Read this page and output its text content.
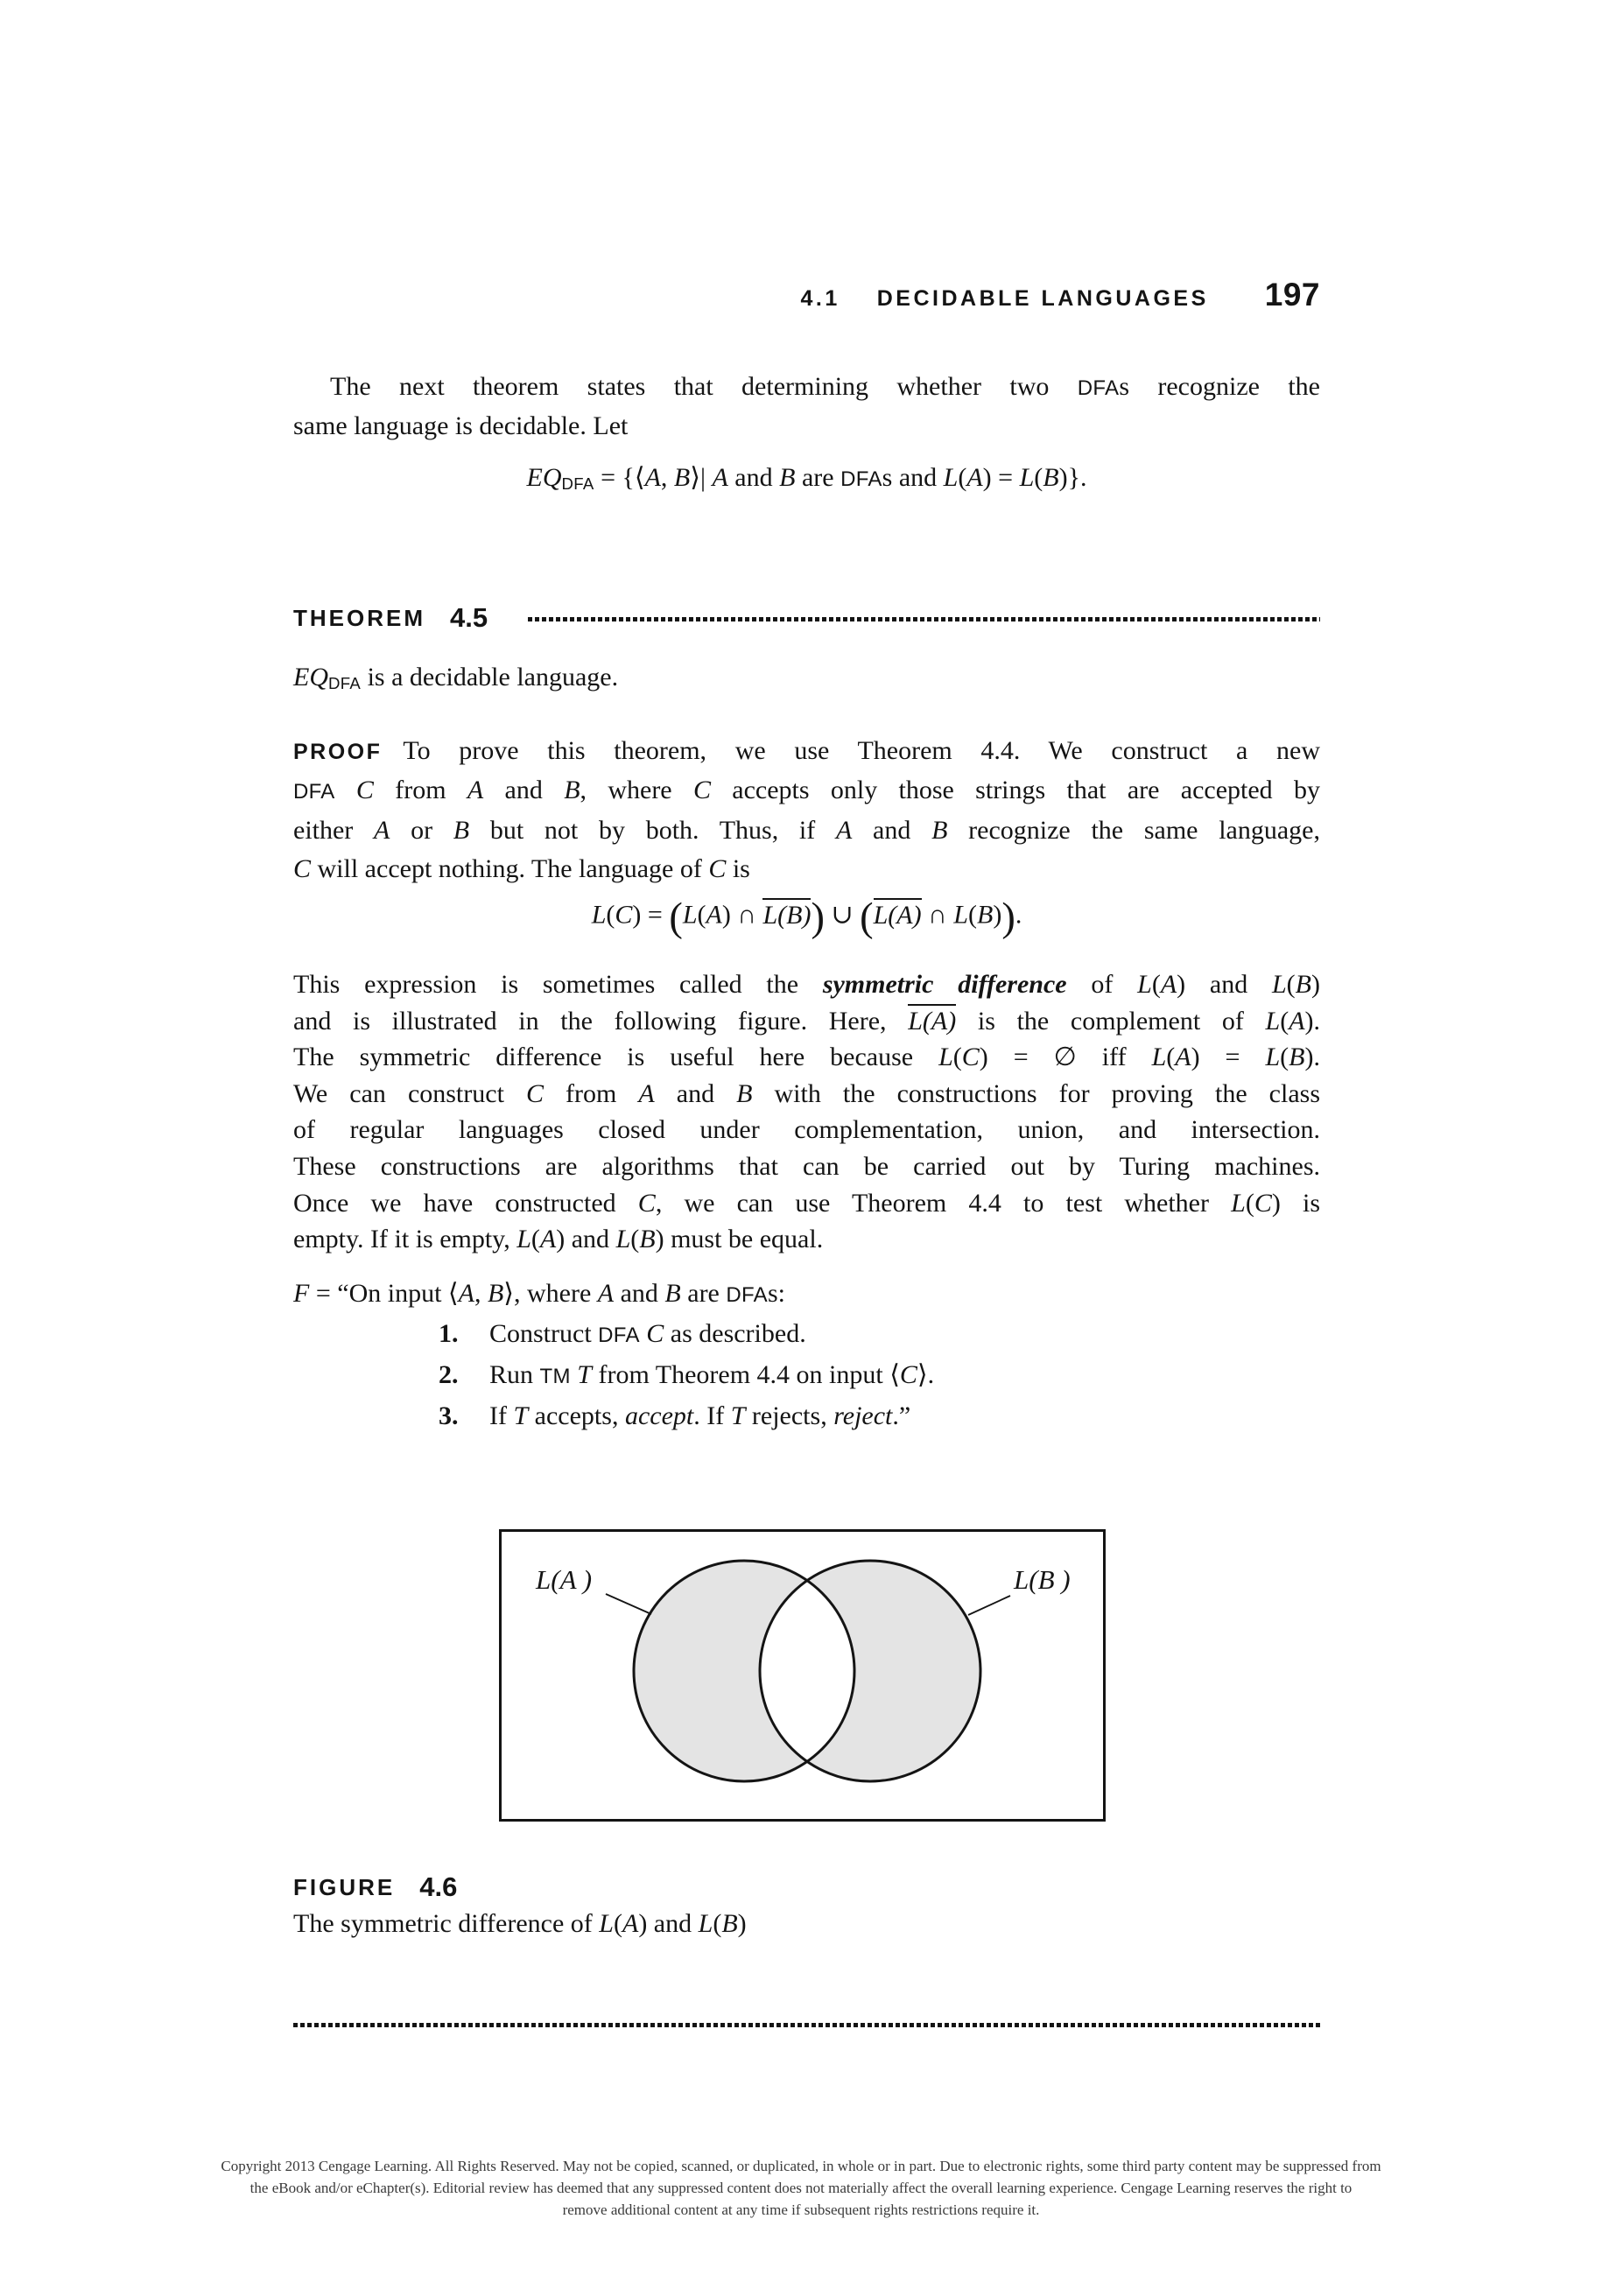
4.1 DECIDABLE LANGUAGES 197
The next theorem states that determining whether two DFAs recognize the
same language is decidable. Let
$EQ_{DFA}$ = {⟨A, B⟩| A and B are DFAs and L(A) = L(B)}.
THEOREM 4.5
$EQ_{DFA}$ is a decidable language.
PROOF To prove this theorem, we use Theorem 4.4. We construct a new
DFA C from A and B, where C accepts only those strings that are accepted by
either A or B but not by both. Thus, if A and B recognize the same language,
C will accept nothing. The language of C is
L(C) = (L(A) ∩ L(B)) ∪ (L(A) ∩ L(B)).
This expression is sometimes called the symmetric difference of L(A) and L(B)
and is illustrated in the following figure. Here, L(A) is the complement of L(A).
The symmetric difference is useful here because L(C) = ∅ iff L(A) = L(B).
We can construct C from A and B with the constructions for proving the class
of regular languages closed under complementation, union, and intersection.
These constructions are algorithms that can be carried out by Turing machines.
Once we have constructed C, we can use Theorem 4.4 to test whether L(C) is
empty. If it is empty, L(A) and L(B) must be equal.
F = “On input ⟨A, B⟩, where A and B are DFAs:
1.	Construct DFA C as described.
2.	Run TM T from Theorem 4.4 on input ⟨C⟩.
3.	If T accepts, accept. If T rejects, reject.”
L(A )	L(B )
FIGURE 4.6
The symmetric difference of L(A) and L(B)
Copyright 2013 Cengage Learning. All Rights Reserved. May not be copied, scanned, or duplicated, in whole or in part. Due to electronic rights, some third party content may be suppressed from
the eBook and/or eChapter(s). Editorial review has deemed that any suppressed content does not materially affect the overall learning experience. Cengage Learning reserves the right to
remove additional content at any time if subsequent rights restrictions require it.
